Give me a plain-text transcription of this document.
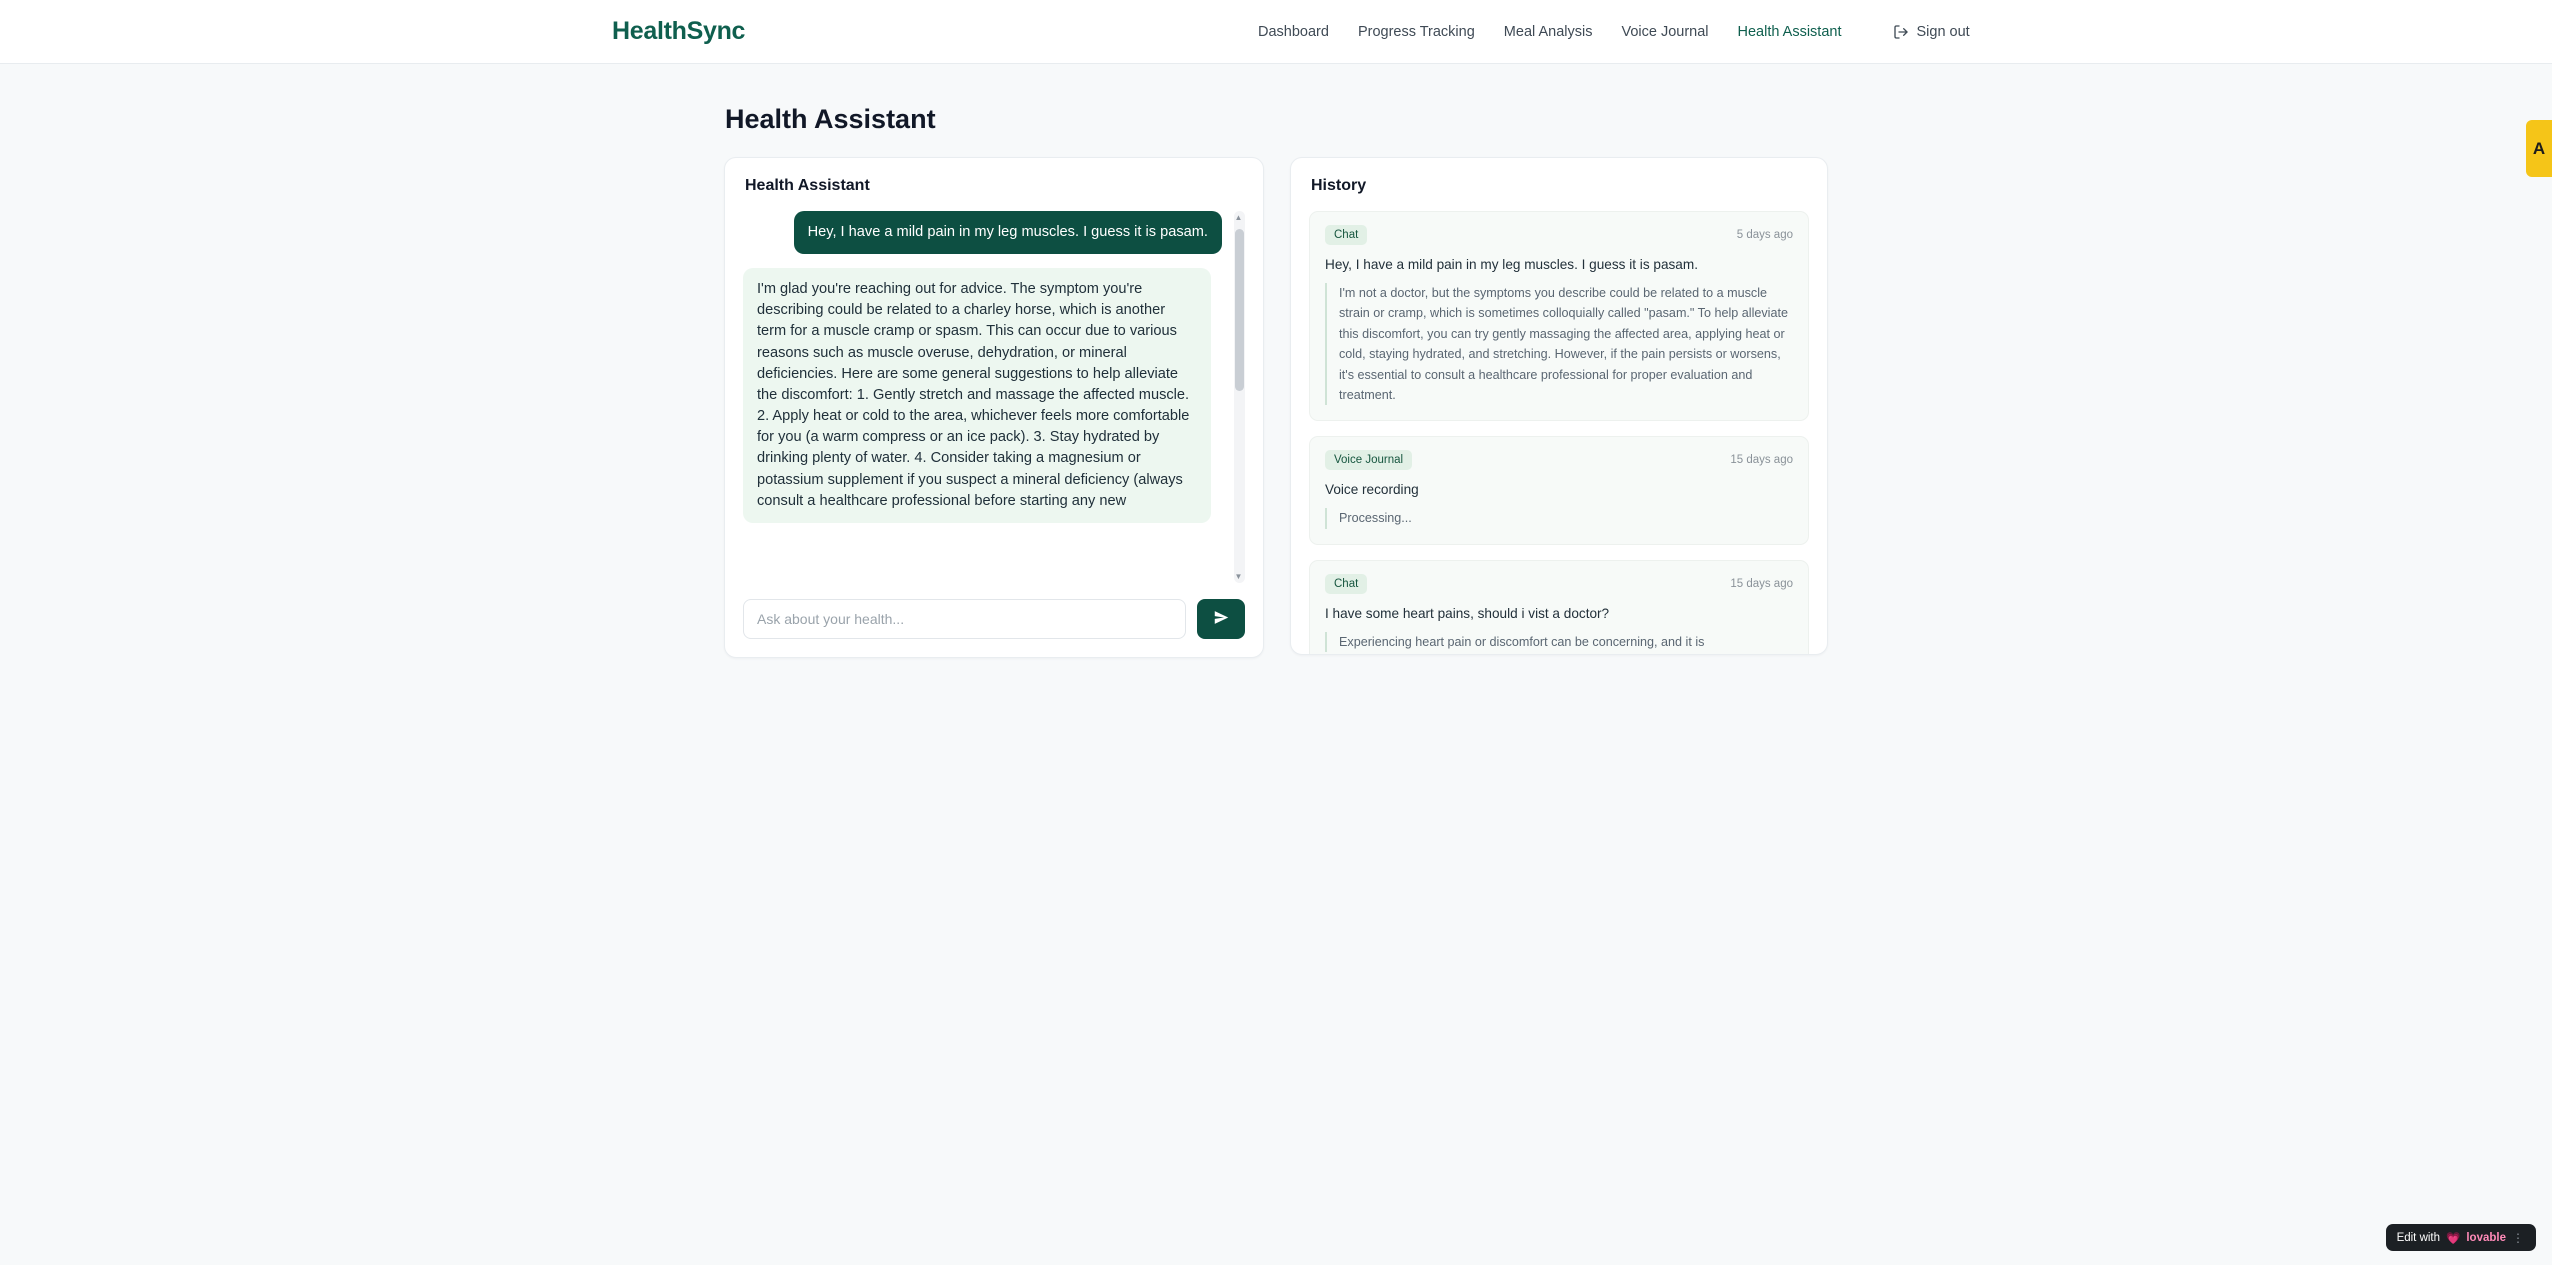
HealthSync	Dashboard Progress Tracking Meal Analysis Voice Journal Health Assistant	Sign out
Health Assistant
Health Assistant
Hey, I have a mild pain in my leg muscles. I guess it is pasam.
I'm glad you're reaching out for advice. The symptom you're describing could be related to a charley horse, which is another term for a muscle cramp or spasm. This can occur due to various reasons such as muscle overuse, dehydration, or mineral deficiencies. Here are some general suggestions to help alleviate the discomfort: 1. Gently stretch and massage the affected muscle. 2. Apply heat or cold to the area, whichever feels more comfortable for you (a warm compress or an ice pack). 3. Stay hydrated by drinking plenty of water. 4. Consider taking a magnesium or potassium supplement if you suspect a mineral deficiency (always consult a healthcare professional before starting any new
▲
▼
Ask about your health...
History
Chat	5 days ago
Hey, I have a mild pain in my leg muscles. I guess it is pasam.
I'm not a doctor, but the symptoms you describe could be related to a muscle strain or cramp, which is sometimes colloquially called "pasam." To help alleviate this discomfort, you can try gently massaging the affected area, applying heat or cold, staying hydrated, and stretching. However, if the pain persists or worsens, it's essential to consult a healthcare professional for proper evaluation and treatment.
Voice Journal	15 days ago
Voice recording
Processing...
Chat	15 days ago
I have some heart pains, should i vist a doctor?
Experiencing heart pain or discomfort can be concerning, and it is
A
Edit with 💗 lovable ⋮
